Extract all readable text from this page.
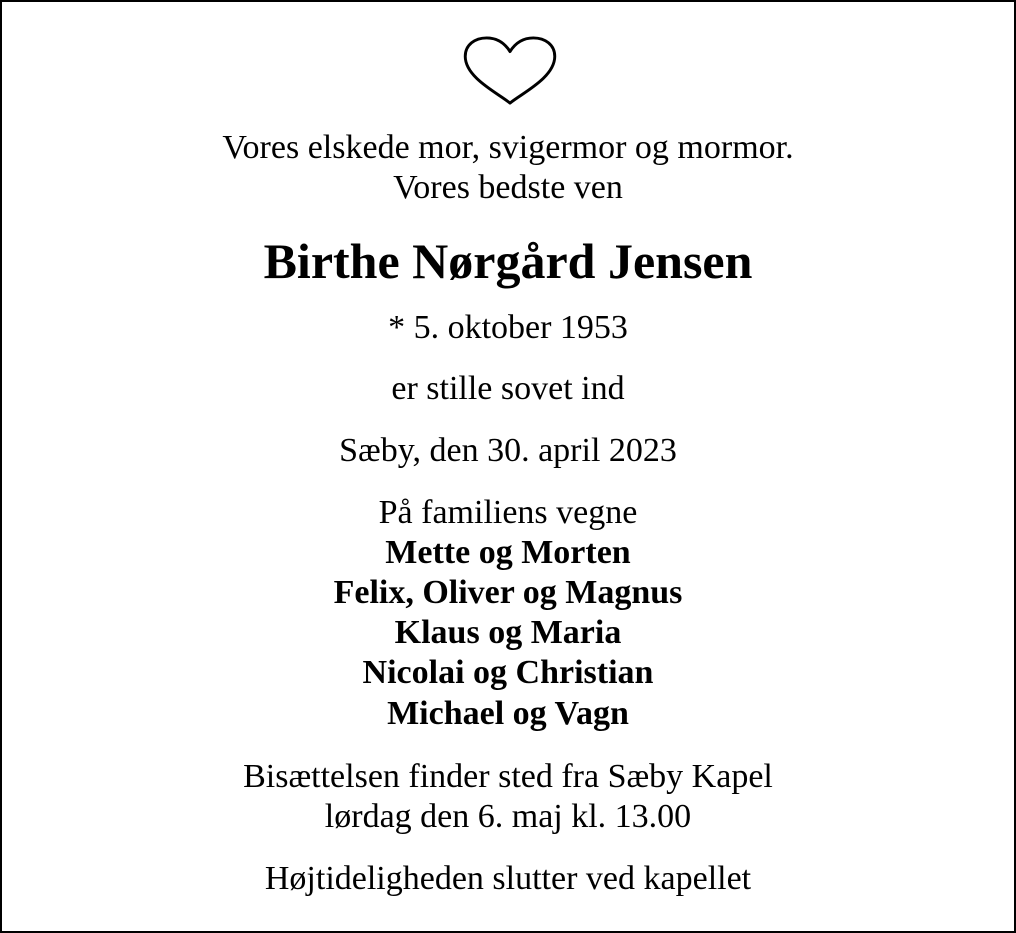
Vores elskede mor, svigermor og mormor.
Vores bedste ven
Birthe Nørgård Jensen
* 5. oktober 1953
er stille sovet ind
Sæby, den 30. april 2023
På familiens vegne
Mette og Morten
Felix, Oliver og Magnus
Klaus og Maria
Nicolai og Christian
Michael og Vagn
Bisættelsen finder sted fra Sæby Kapel
lørdag den 6. maj kl. 13.00
Højtideligheden slutter ved kapellet
